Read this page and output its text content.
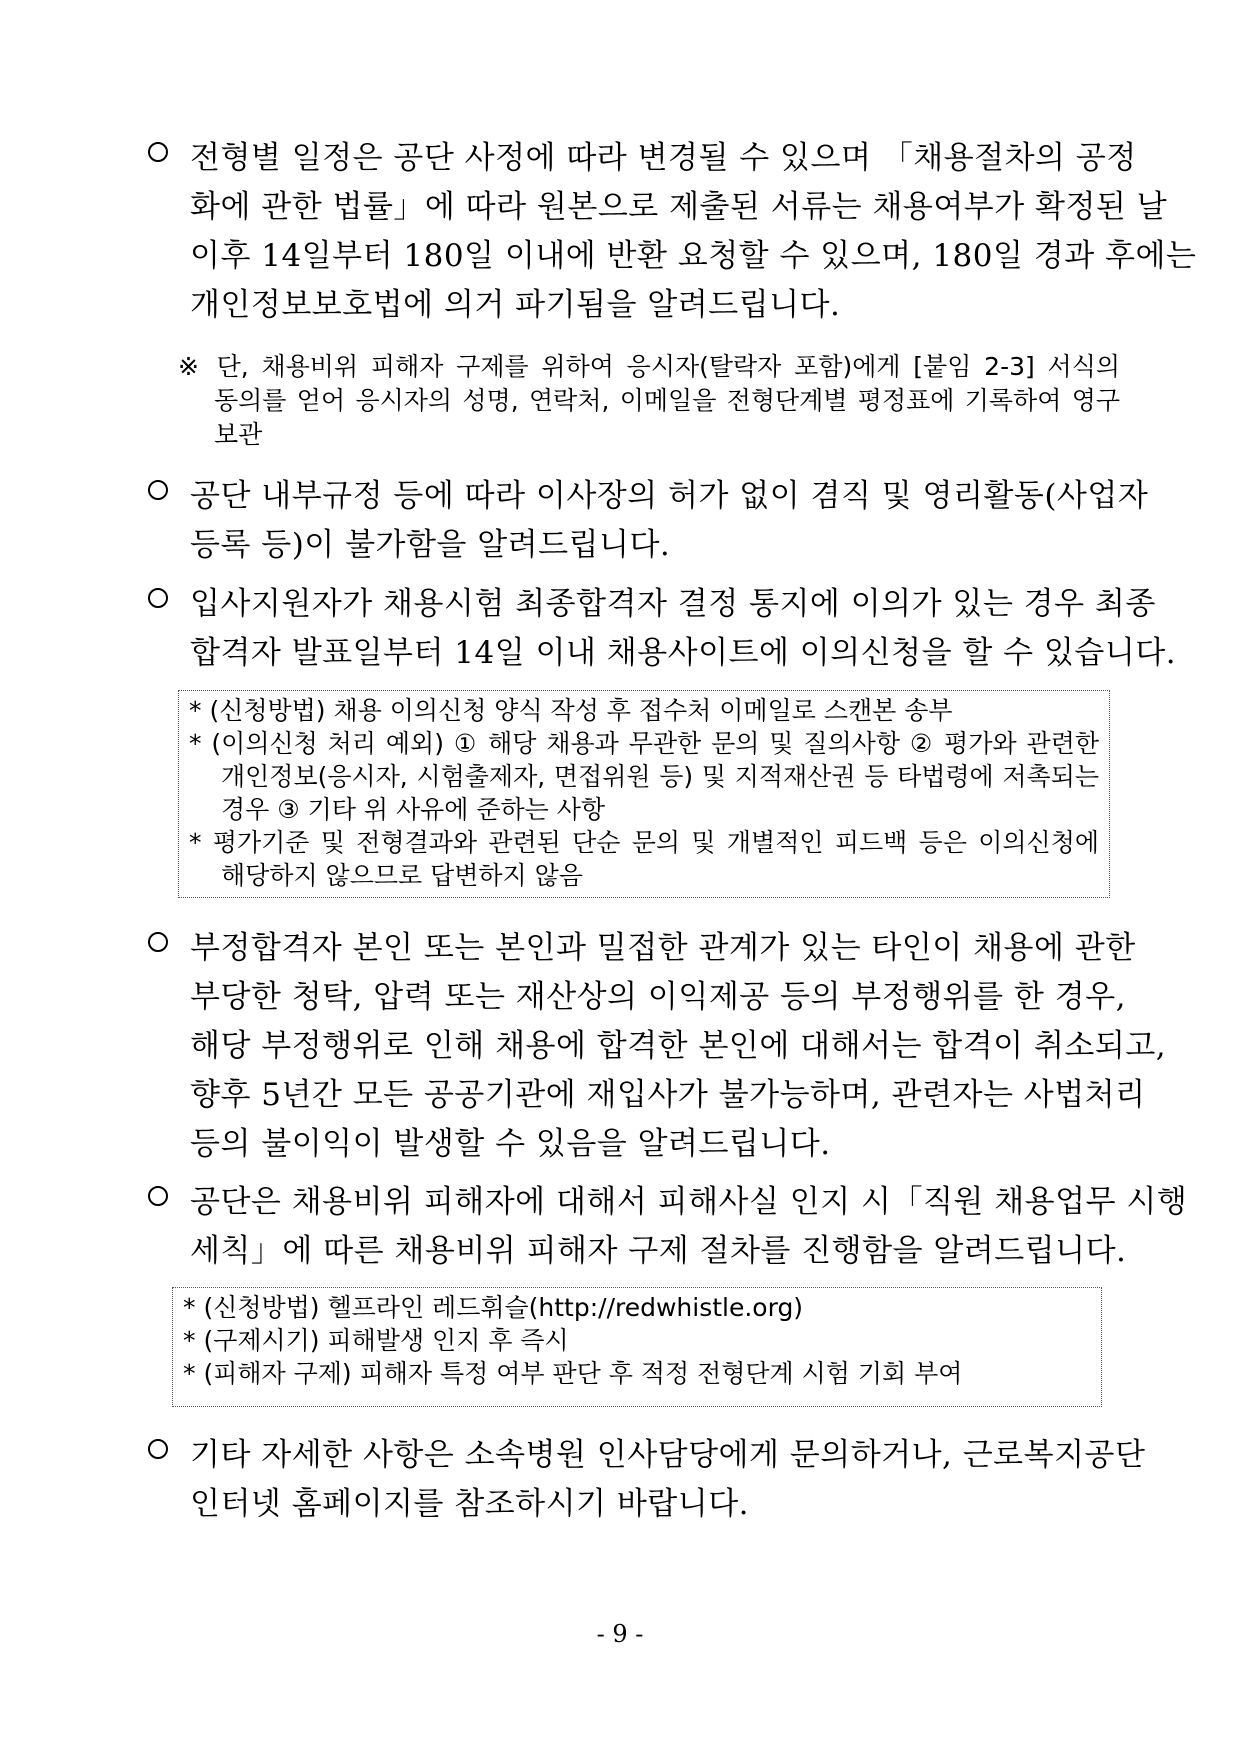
전형별 일정은 공단 사정에 따라 변경될 수 있으며 「채용절차의 공정
화에 관한 법률」에 따라 원본으로 제출된 서류는 채용여부가 확정된 날
이후 14일부터 180일 이내에 반환 요청할 수 있으며, 180일 경과 후에는
개인정보보호법에 의거 파기됨을 알려드립니다.
※ 단, 채용비위 피해자 구제를 위하여 응시자(탈락자 포함)에게 [붙임 2-3] 서식의
동의를 얻어 응시자의 성명, 연락처, 이메일을 전형단계별 평정표에 기록하여 영구
보관
공단 내부규정 등에 따라 이사장의 허가 없이 겸직 및 영리활동(사업자
등록 등)이 불가함을 알려드립니다.
입사지원자가 채용시험 최종합격자 결정 통지에 이의가 있는 경우 최종
합격자 발표일부터 14일 이내 채용사이트에 이의신청을 할 수 있습니다.
* (신청방법) 채용 이의신청 양식 작성 후 접수처 이메일로 스캔본 송부
* (이의신청 처리 예외) ① 해당 채용과 무관한 문의 및 질의사항 ② 평가와 관련한
개인정보(응시자, 시험출제자, 면접위원 등) 및 지적재산권 등 타법령에 저촉되는
경우 ③ 기타 위 사유에 준하는 사항
* 평가기준 및 전형결과와 관련된 단순 문의 및 개별적인 피드백 등은 이의신청에
해당하지 않으므로 답변하지 않음
부정합격자 본인 또는 본인과 밀접한 관계가 있는 타인이 채용에 관한
부당한 청탁, 압력 또는 재산상의 이익제공 등의 부정행위를 한 경우,
해당 부정행위로 인해 채용에 합격한 본인에 대해서는 합격이 취소되고,
향후 5년간 모든 공공기관에 재입사가 불가능하며, 관련자는 사법처리
등의 불이익이 발생할 수 있음을 알려드립니다.
공단은 채용비위 피해자에 대해서 피해사실 인지 시「직원 채용업무 시행
세칙」에 따른 채용비위 피해자 구제 절차를 진행함을 알려드립니다.
* (신청방법) 헬프라인 레드휘슬(http://redwhistle.org)
* (구제시기) 피해발생 인지 후 즉시
* (피해자 구제) 피해자 특정 여부 판단 후 적정 전형단계 시험 기회 부여
기타 자세한 사항은 소속병원 인사담당에게 문의하거나, 근로복지공단
인터넷 홈페이지를 참조하시기 바랍니다.
- 9 -
